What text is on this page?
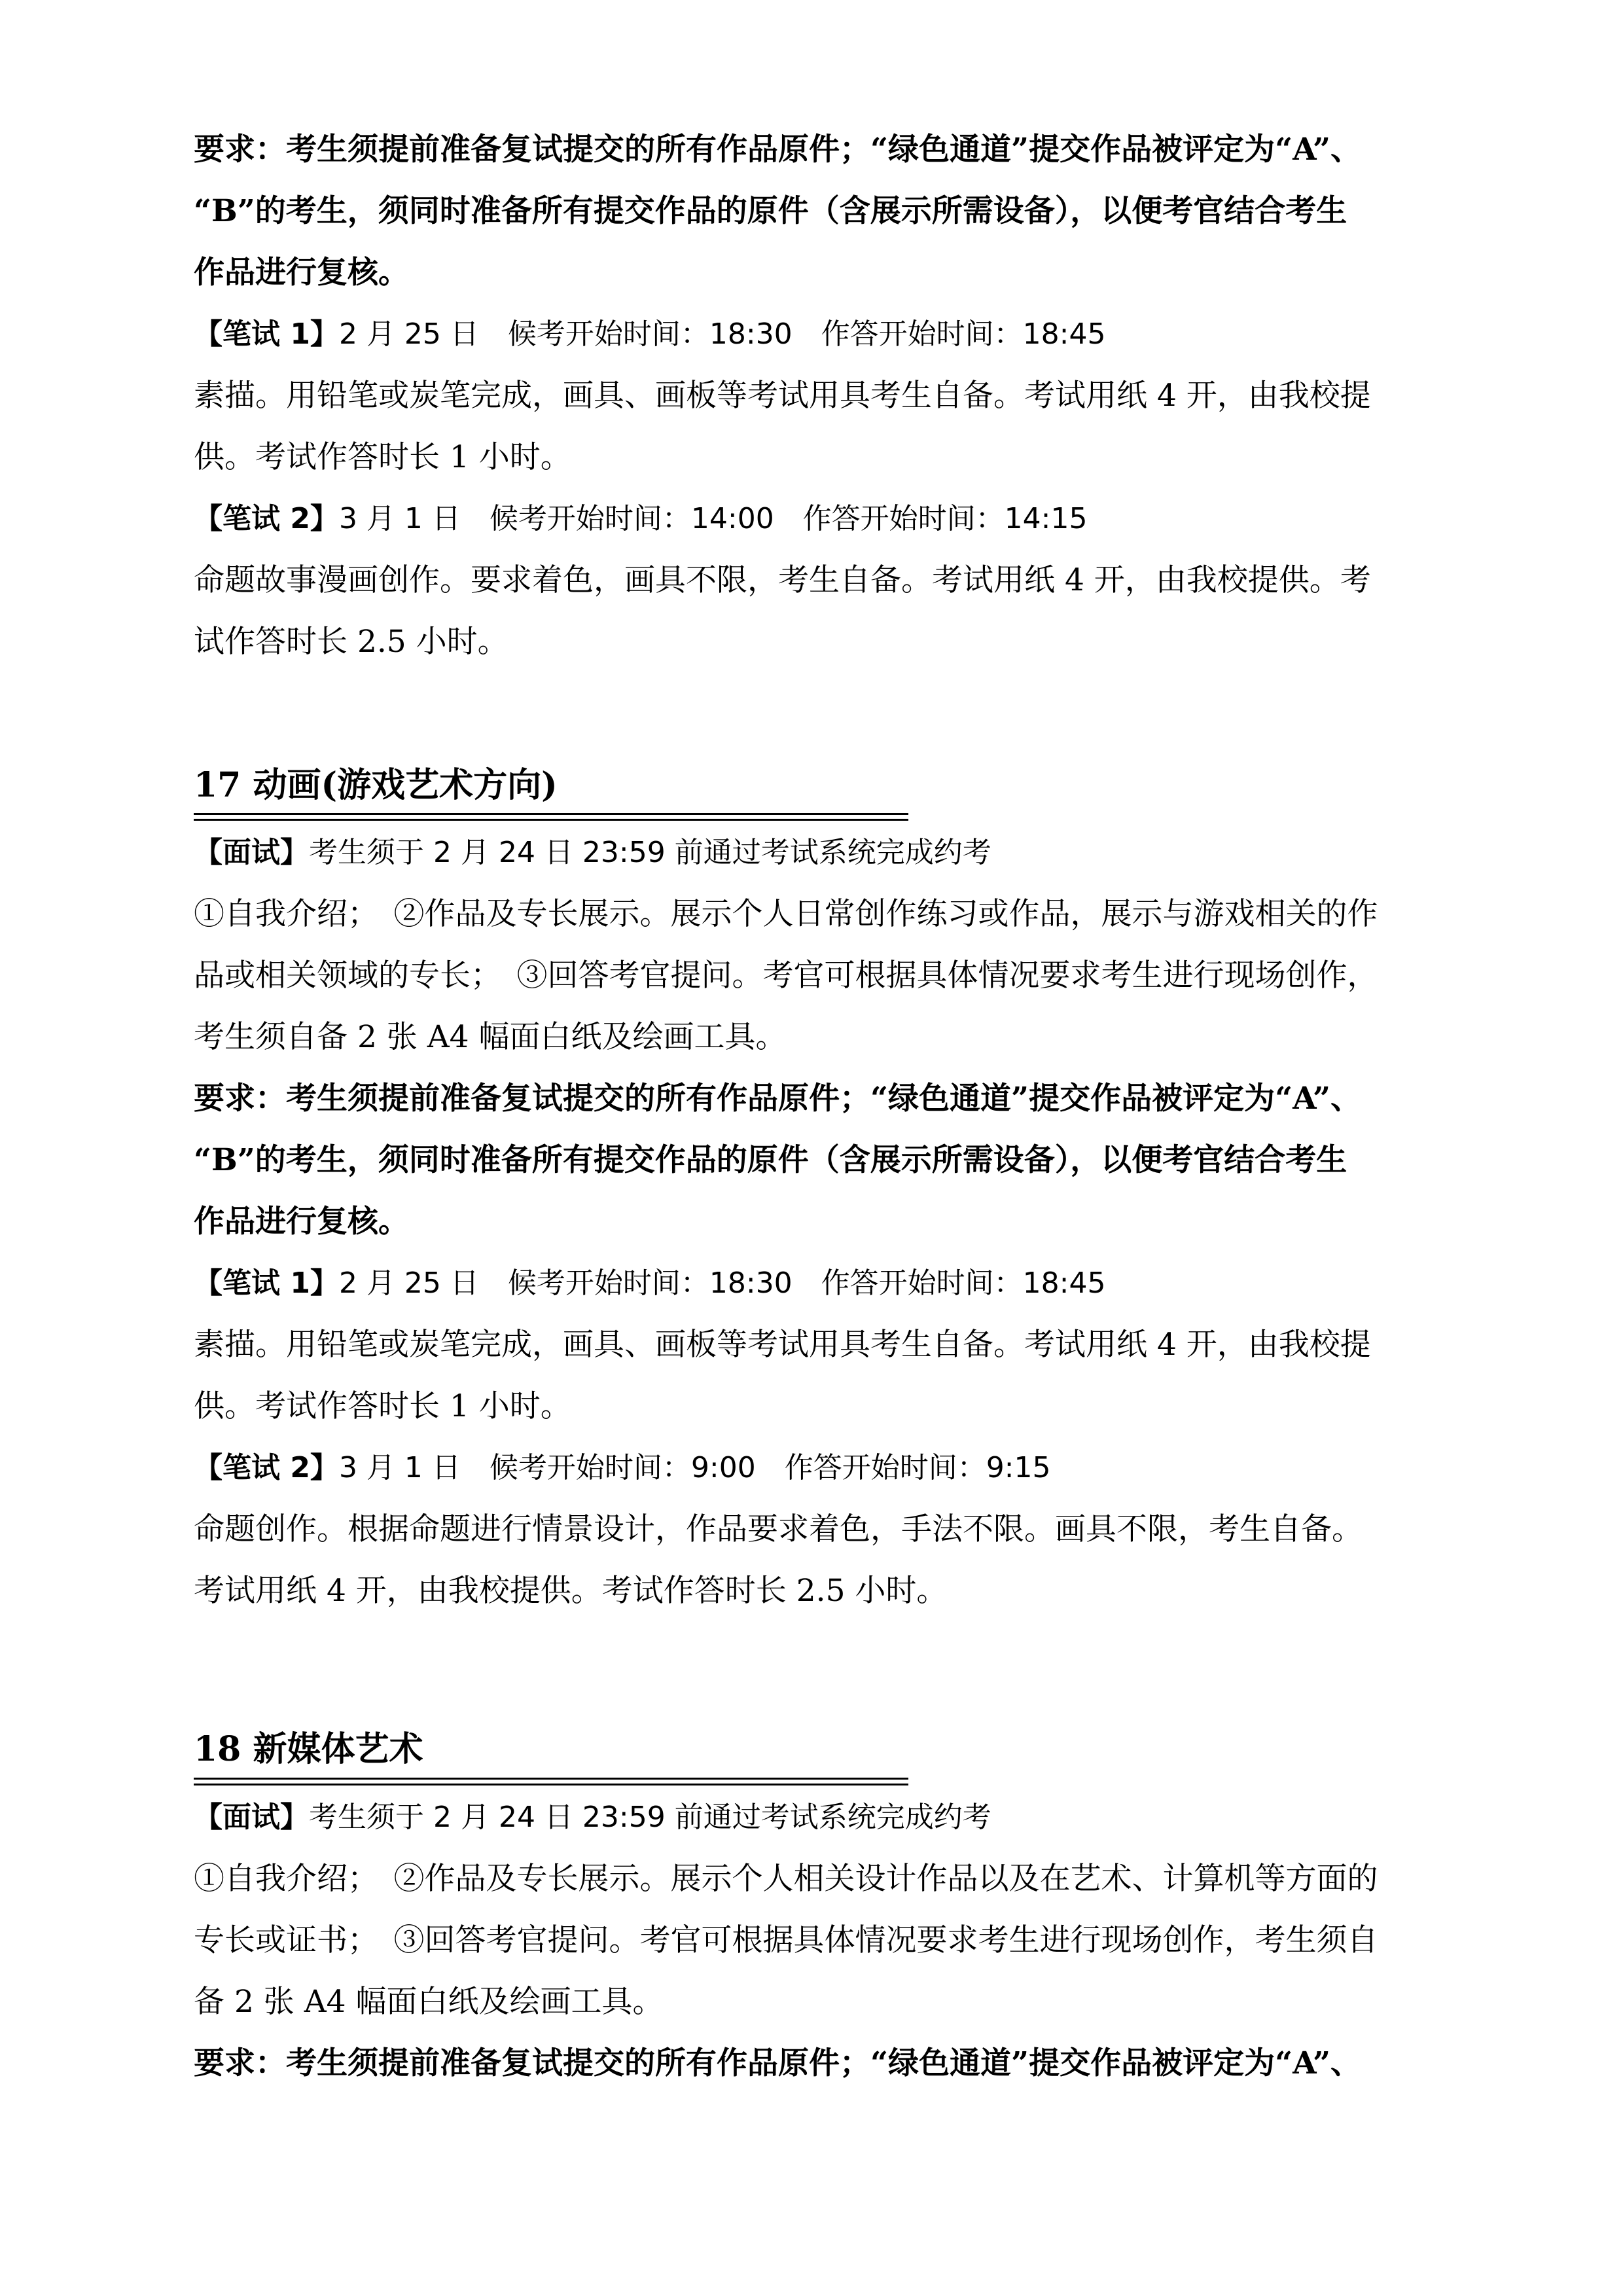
要求：考生须提前准备复试提交的所有作品原件；“绿色通道”提交作品被评定为“A”、

“B”的考生，须同时准备所有提交作品的原件（含展示所需设备），以便考官结合考生

作品进行复核。

【笔试 1】2 月 25 日　候考开始时间：18:30　作答开始时间：18:45

素描。用铅笔或炭笔完成，画具、画板等考试用具考生自备。考试用纸 4 开，由我校提

供。考试作答时长 1 小时。

【笔试 2】3 月 1 日　候考开始时间：14:00　作答开始时间：14:15

命题故事漫画创作。要求着色，画具不限，考生自备。考试用纸 4 开，由我校提供。考

试作答时长 2.5 小时。

17 动画(游戏艺术方向)

【面试】考生须于 2 月 24 日 23:59 前通过考试系统完成约考

①自我介绍；　②作品及专长展示。展示个人日常创作练习或作品，展示与游戏相关的作

品或相关领域的专长；　③回答考官提问。考官可根据具体情况要求考生进行现场创作，

考生须自备 2 张 A4 幅面白纸及绘画工具。

要求：考生须提前准备复试提交的所有作品原件；“绿色通道”提交作品被评定为“A”、

“B”的考生，须同时准备所有提交作品的原件（含展示所需设备），以便考官结合考生

作品进行复核。

【笔试 1】2 月 25 日　候考开始时间：18:30　作答开始时间：18:45

素描。用铅笔或炭笔完成，画具、画板等考试用具考生自备。考试用纸 4 开，由我校提

供。考试作答时长 1 小时。

【笔试 2】3 月 1 日　候考开始时间：9:00　作答开始时间：9:15

命题创作。根据命题进行情景设计，作品要求着色，手法不限。画具不限，考生自备。

考试用纸 4 开，由我校提供。考试作答时长 2.5 小时。

18 新媒体艺术

【面试】考生须于 2 月 24 日 23:59 前通过考试系统完成约考

①自我介绍；　②作品及专长展示。展示个人相关设计作品以及在艺术、计算机等方面的

专长或证书；　③回答考官提问。考官可根据具体情况要求考生进行现场创作，考生须自

备 2 张 A4 幅面白纸及绘画工具。

要求：考生须提前准备复试提交的所有作品原件；“绿色通道”提交作品被评定为“A”、
